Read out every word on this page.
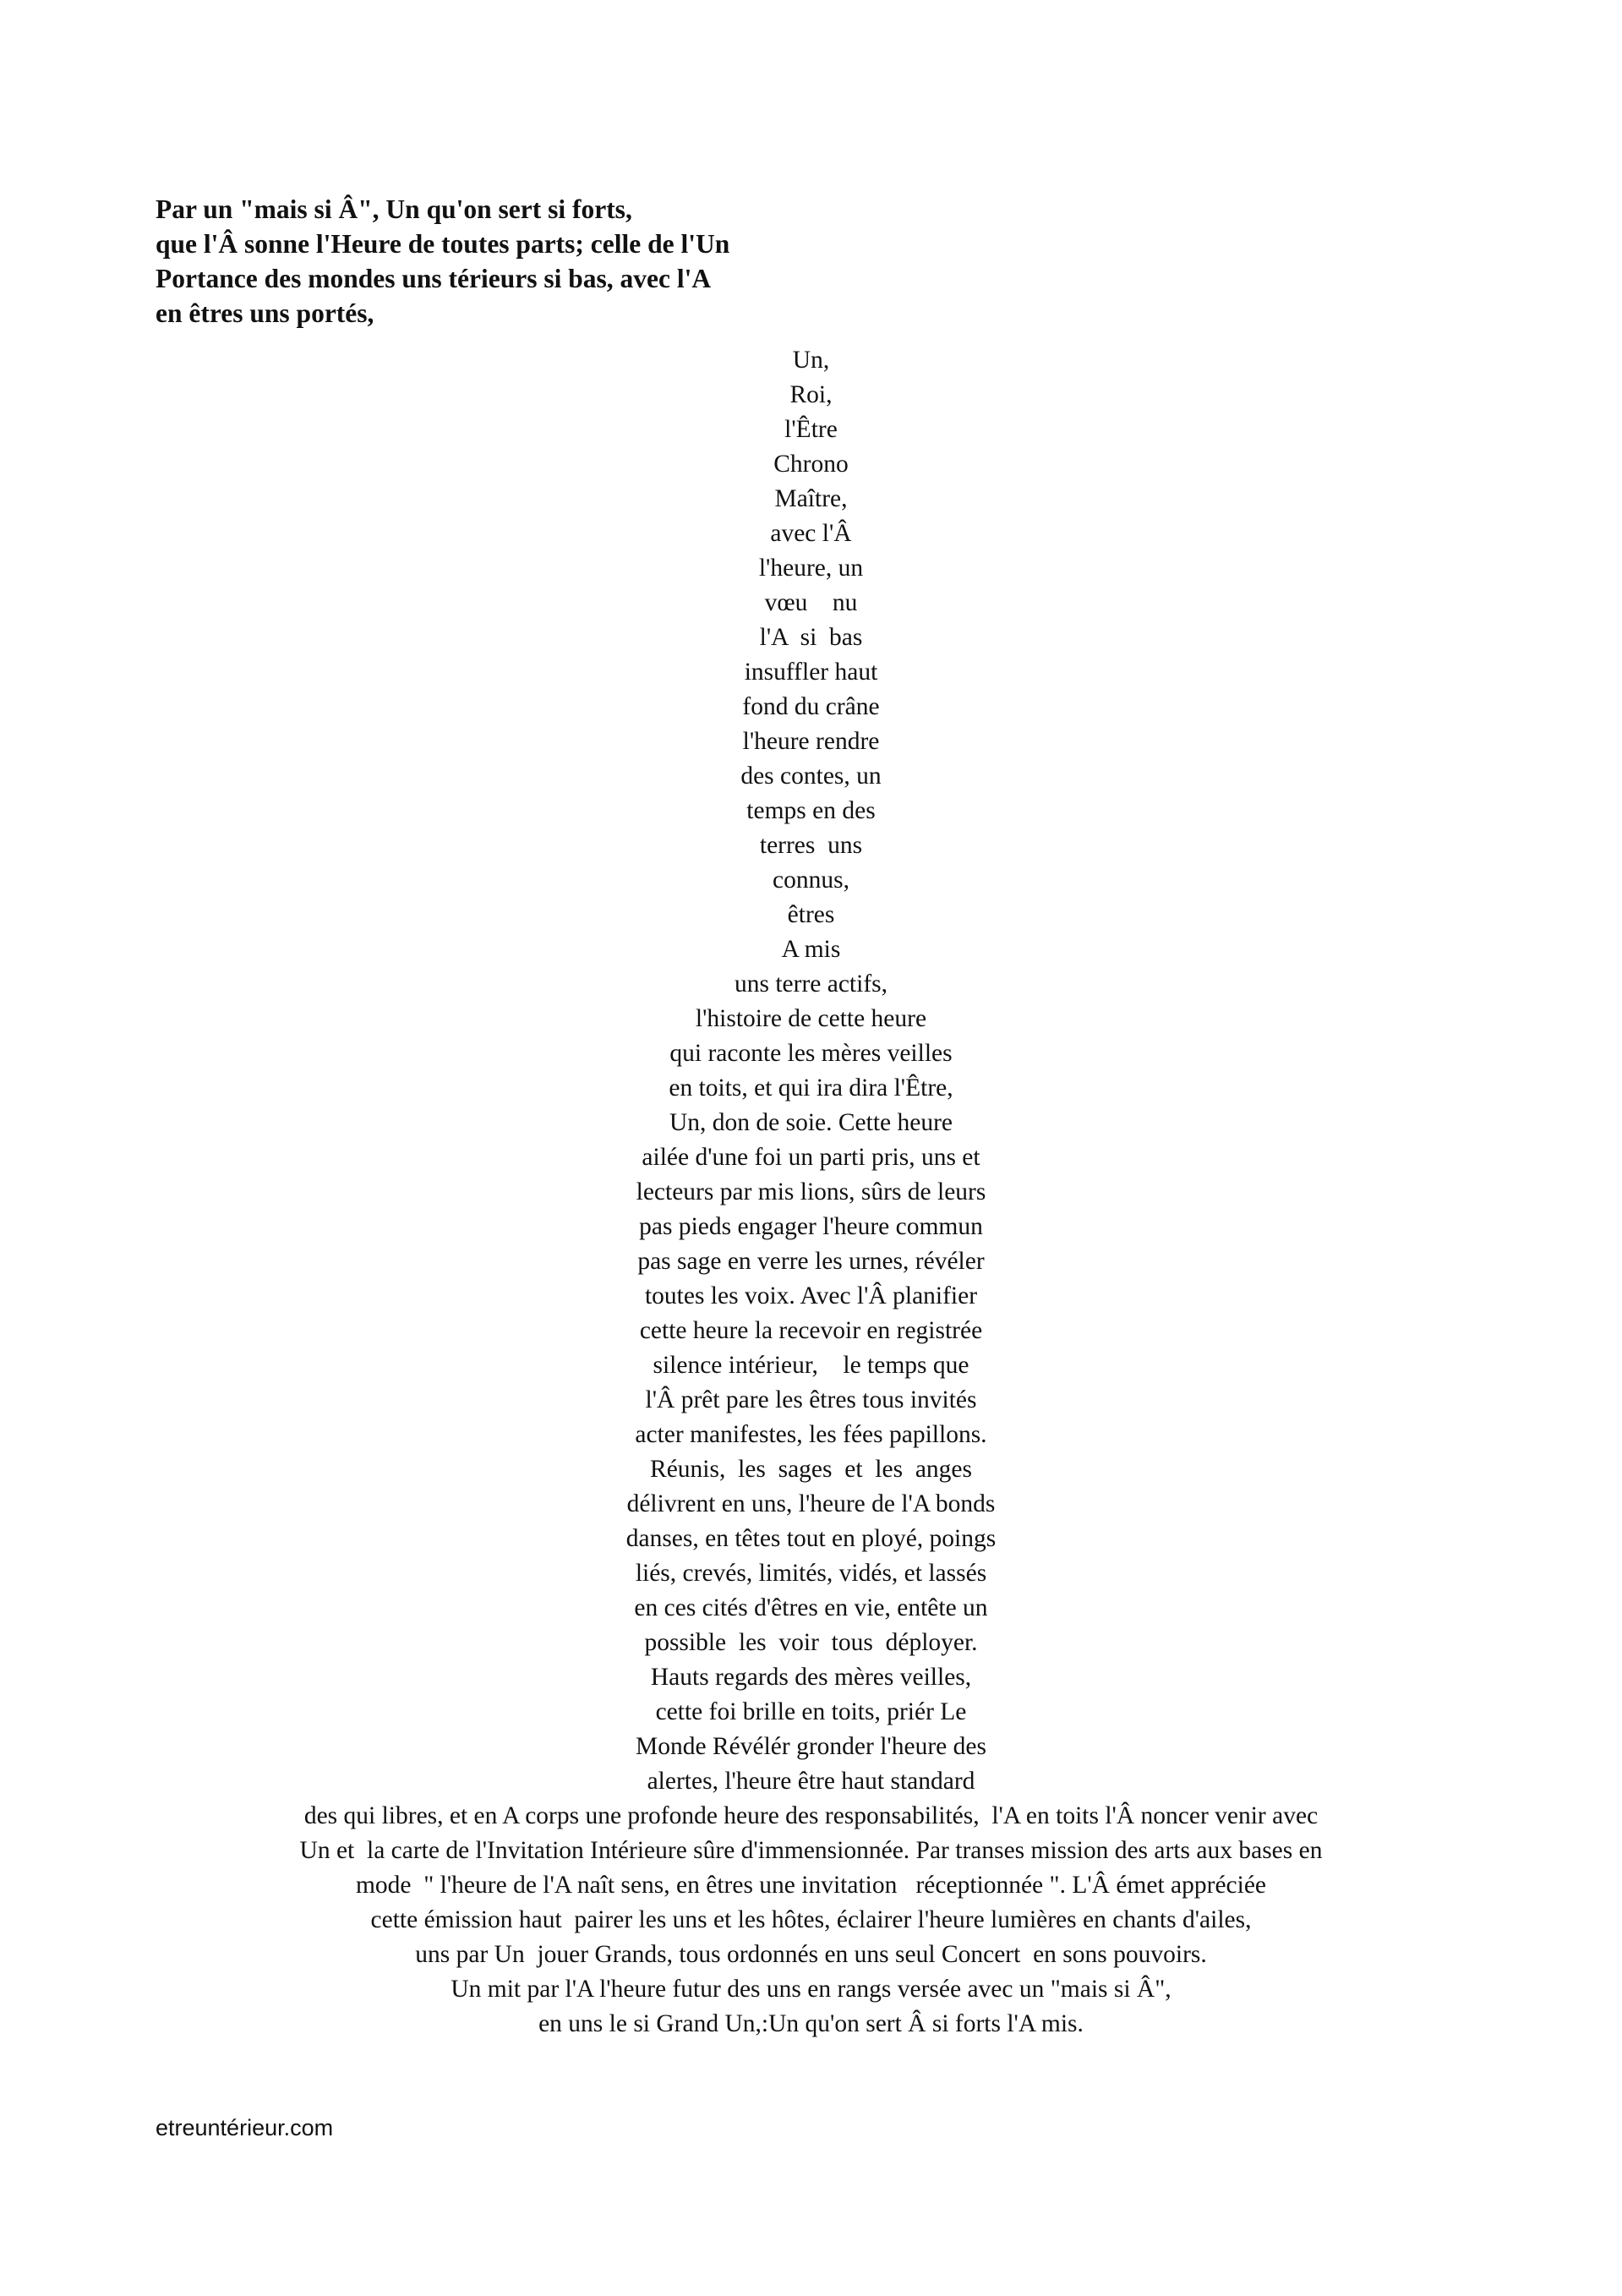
Par un "mais si Â", Un qu'on sert si forts,
que l'Â sonne l'Heure de toutes parts; celle de l'Un
Portance des mondes uns térieurs si bas, avec l'A
en êtres uns portés,
Un,
Roi,
l'Être
Chrono
Maître,
avec l'Â
l'heure, un
vœu    nu
l'A  si  bas
insuffler haut
fond du crâne
l'heure rendre
des contes, un
temps en des
terres  uns
connus,
êtres
A mis
uns terre actifs,
l'histoire de cette heure
qui raconte les mères veilles
en toits, et qui ira dira l'Être,
Un, don de soie. Cette heure
ailée d'une foi un parti pris, uns et
lecteurs par mis lions, sûrs de leurs
pas pieds engager l'heure commun
pas sage en verre les urnes, révéler
toutes les voix. Avec l'Â planifier
cette heure la recevoir en registrée
silence intérieur,    le temps que
l'Â prêt pare les êtres tous invités
acter manifestes, les fées papillons.
Réunis,  les  sages  et  les  anges
délivrent en uns, l'heure de l'A bonds
danses, en têtes tout en ployé, poings
liés, crevés, limités, vidés, et lassés
en ces cités d'êtres en vie, entête un
possible  les  voir  tous  déployer.
Hauts regards des mères veilles,
cette foi brille en toits, priér Le
Monde Révélér gronder l'heure des
alertes, l'heure être haut standard
des qui libres, et en A corps une profonde heure des responsabilités,  l'A en toits l'Â noncer venir avec
Un et  la carte de l'Invitation Intérieure sûre d'immensionnée. Par transes mission des arts aux bases en
mode  " l'heure de l'A naît sens, en êtres une invitation   réceptionnée ". L'Â émet appréciée
cette émission haut  pairer les uns et les hôtes, éclairer l'heure lumières en chants d'ailes,
uns par Un  jouer Grands, tous ordonnés en uns seul Concert  en sons pouvoirs.
Un mit par l'A l'heure futur des uns en rangs versée avec un "mais si Â",
en uns le si Grand Un,:Un qu'on sert Â si forts l'A mis.
etreuntérieur.com
